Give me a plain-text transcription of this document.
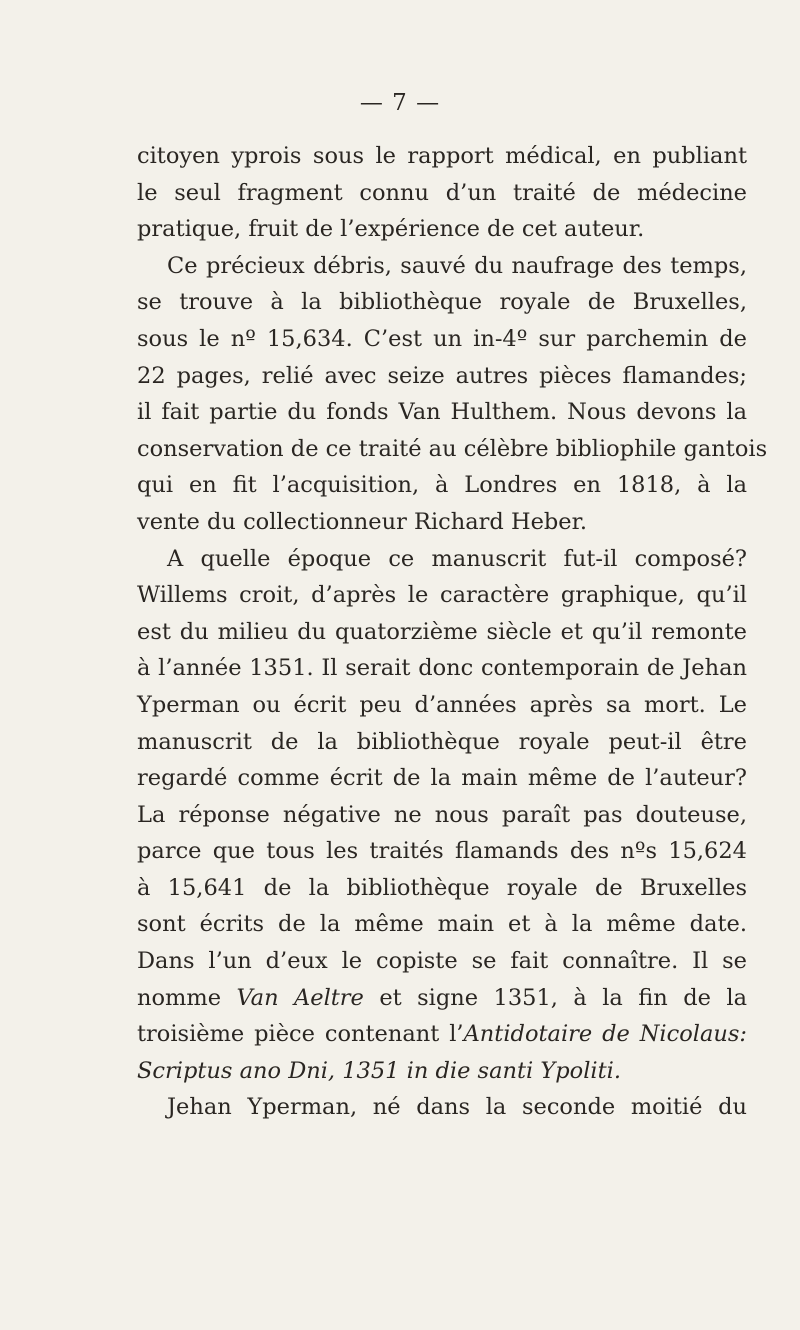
— 7 —
citoyen yprois sous le rapport médical, en publiant
le seul fragment connu d’un traité de médecine
pratique, fruit de l’expérience de cet auteur.
Ce précieux débris, sauvé du naufrage des temps,
se trouve à la bibliothèque royale de Bruxelles,
sous le nº 15,634. C’est un in-4º sur parchemin de
22 pages, relié avec seize autres pièces flamandes;
il fait partie du fonds Van Hulthem. Nous devons la
conservation de ce traité au célèbre bibliophile gantois
qui en fit l’acquisition, à Londres en 1818, à la
vente du collectionneur Richard Heber.
A quelle époque ce manuscrit fut-il composé?
Willems croit, d’après le caractère graphique, qu’il
est du milieu du quatorzième siècle et qu’il remonte
à l’année 1351. Il serait donc contemporain de Jehan
Yperman ou écrit peu d’années après sa mort. Le
manuscrit de la bibliothèque royale peut-il être
regardé comme écrit de la main même de l’auteur?
La réponse négative ne nous paraît pas douteuse,
parce que tous les traités flamands des nºs 15,624
à 15,641 de la bibliothèque royale de Bruxelles
sont écrits de la même main et à la même date.
Dans l’un d’eux le copiste se fait connaître. Il se
nomme Van Aeltre et signe 1351, à la fin de la
troisième pièce contenant l’Antidotaire de Nicolaus:
Scriptus ano Dni, 1351 in die santi Ypoliti.
Jehan Yperman, né dans la seconde moitié du
